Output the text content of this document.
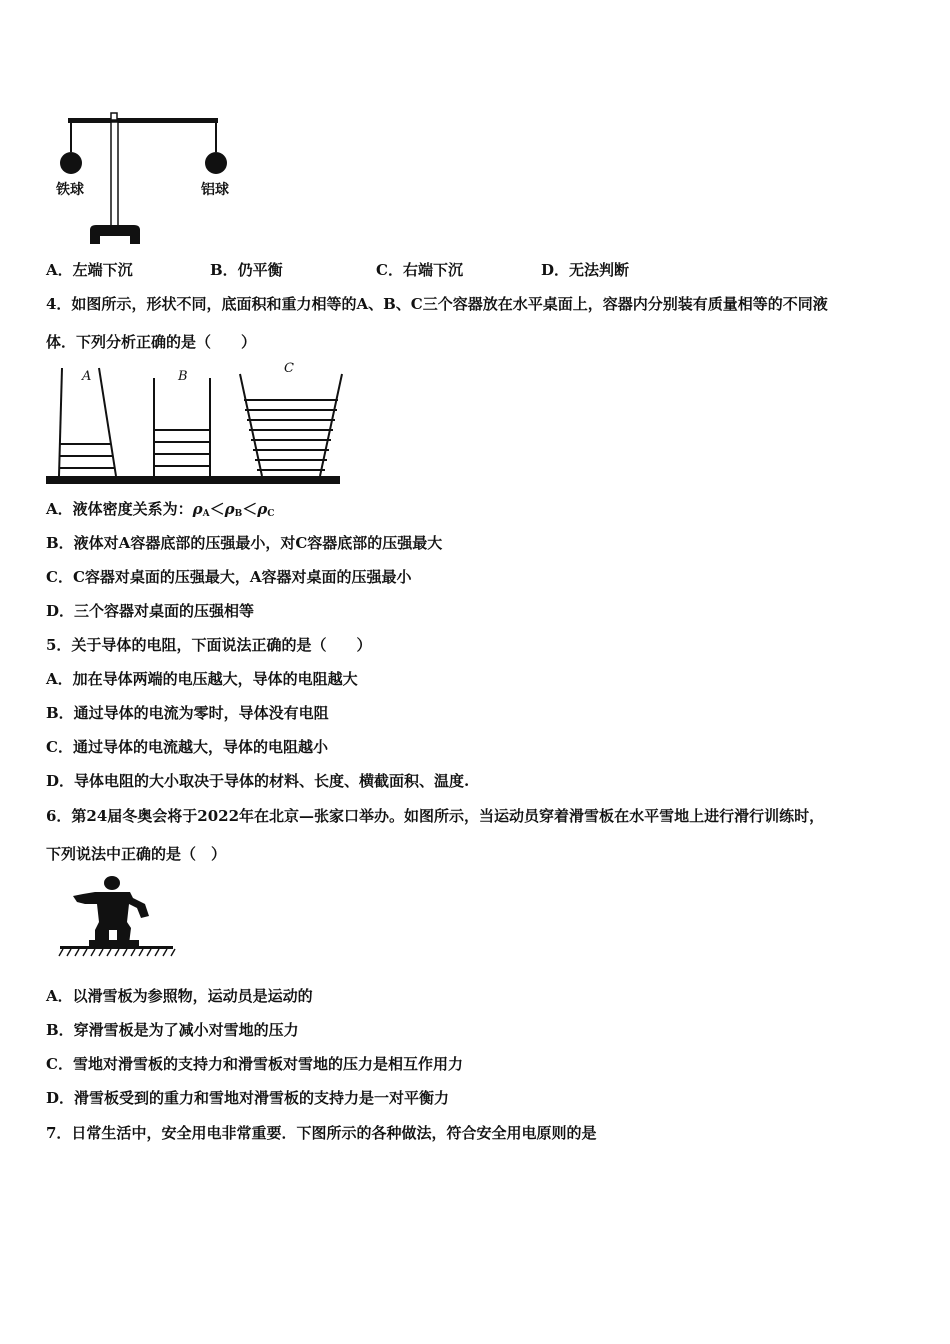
铁球	铝球
A．左端下沉	B．仍平衡	C．右端下沉	D．无法判断
4．如图所示，形状不同，底面积和重力相等的A、B、C三个容器放在水平桌面上，容器内分别装有质量相等的不同液
体．下列分析正确的是（　　）
A	B
C
A．液体密度关系为：$\rho_A<\rho_B<\rho_C$
B．液体对A容器底部的压强最小，对C容器底部的压强最大
C．C容器对桌面的压强最大，A容器对桌面的压强最小
D．三个容器对桌面的压强相等
5．关于导体的电阻，下面说法正确的是（　　）
A．加在导体两端的电压越大，导体的电阻越大
B．通过导体的电流为零时，导体没有电阻
C．通过导体的电流越大，导体的电阻越小
D．导体电阻的大小取决于导体的材料、长度、横截面积、温度.
6．第24届冬奥会将于2022年在北京—张家口举办。如图所示，当运动员穿着滑雪板在水平雪地上进行滑行训练时，
下列说法中正确的是（　）
A．以滑雪板为参照物，运动员是运动的
B．穿滑雪板是为了减小对雪地的压力
C．雪地对滑雪板的支持力和滑雪板对雪地的压力是相互作用力
D．滑雪板受到的重力和雪地对滑雪板的支持力是一对平衡力
7．日常生活中，安全用电非常重要．下图所示的各种做法，符合安全用电原则的是
